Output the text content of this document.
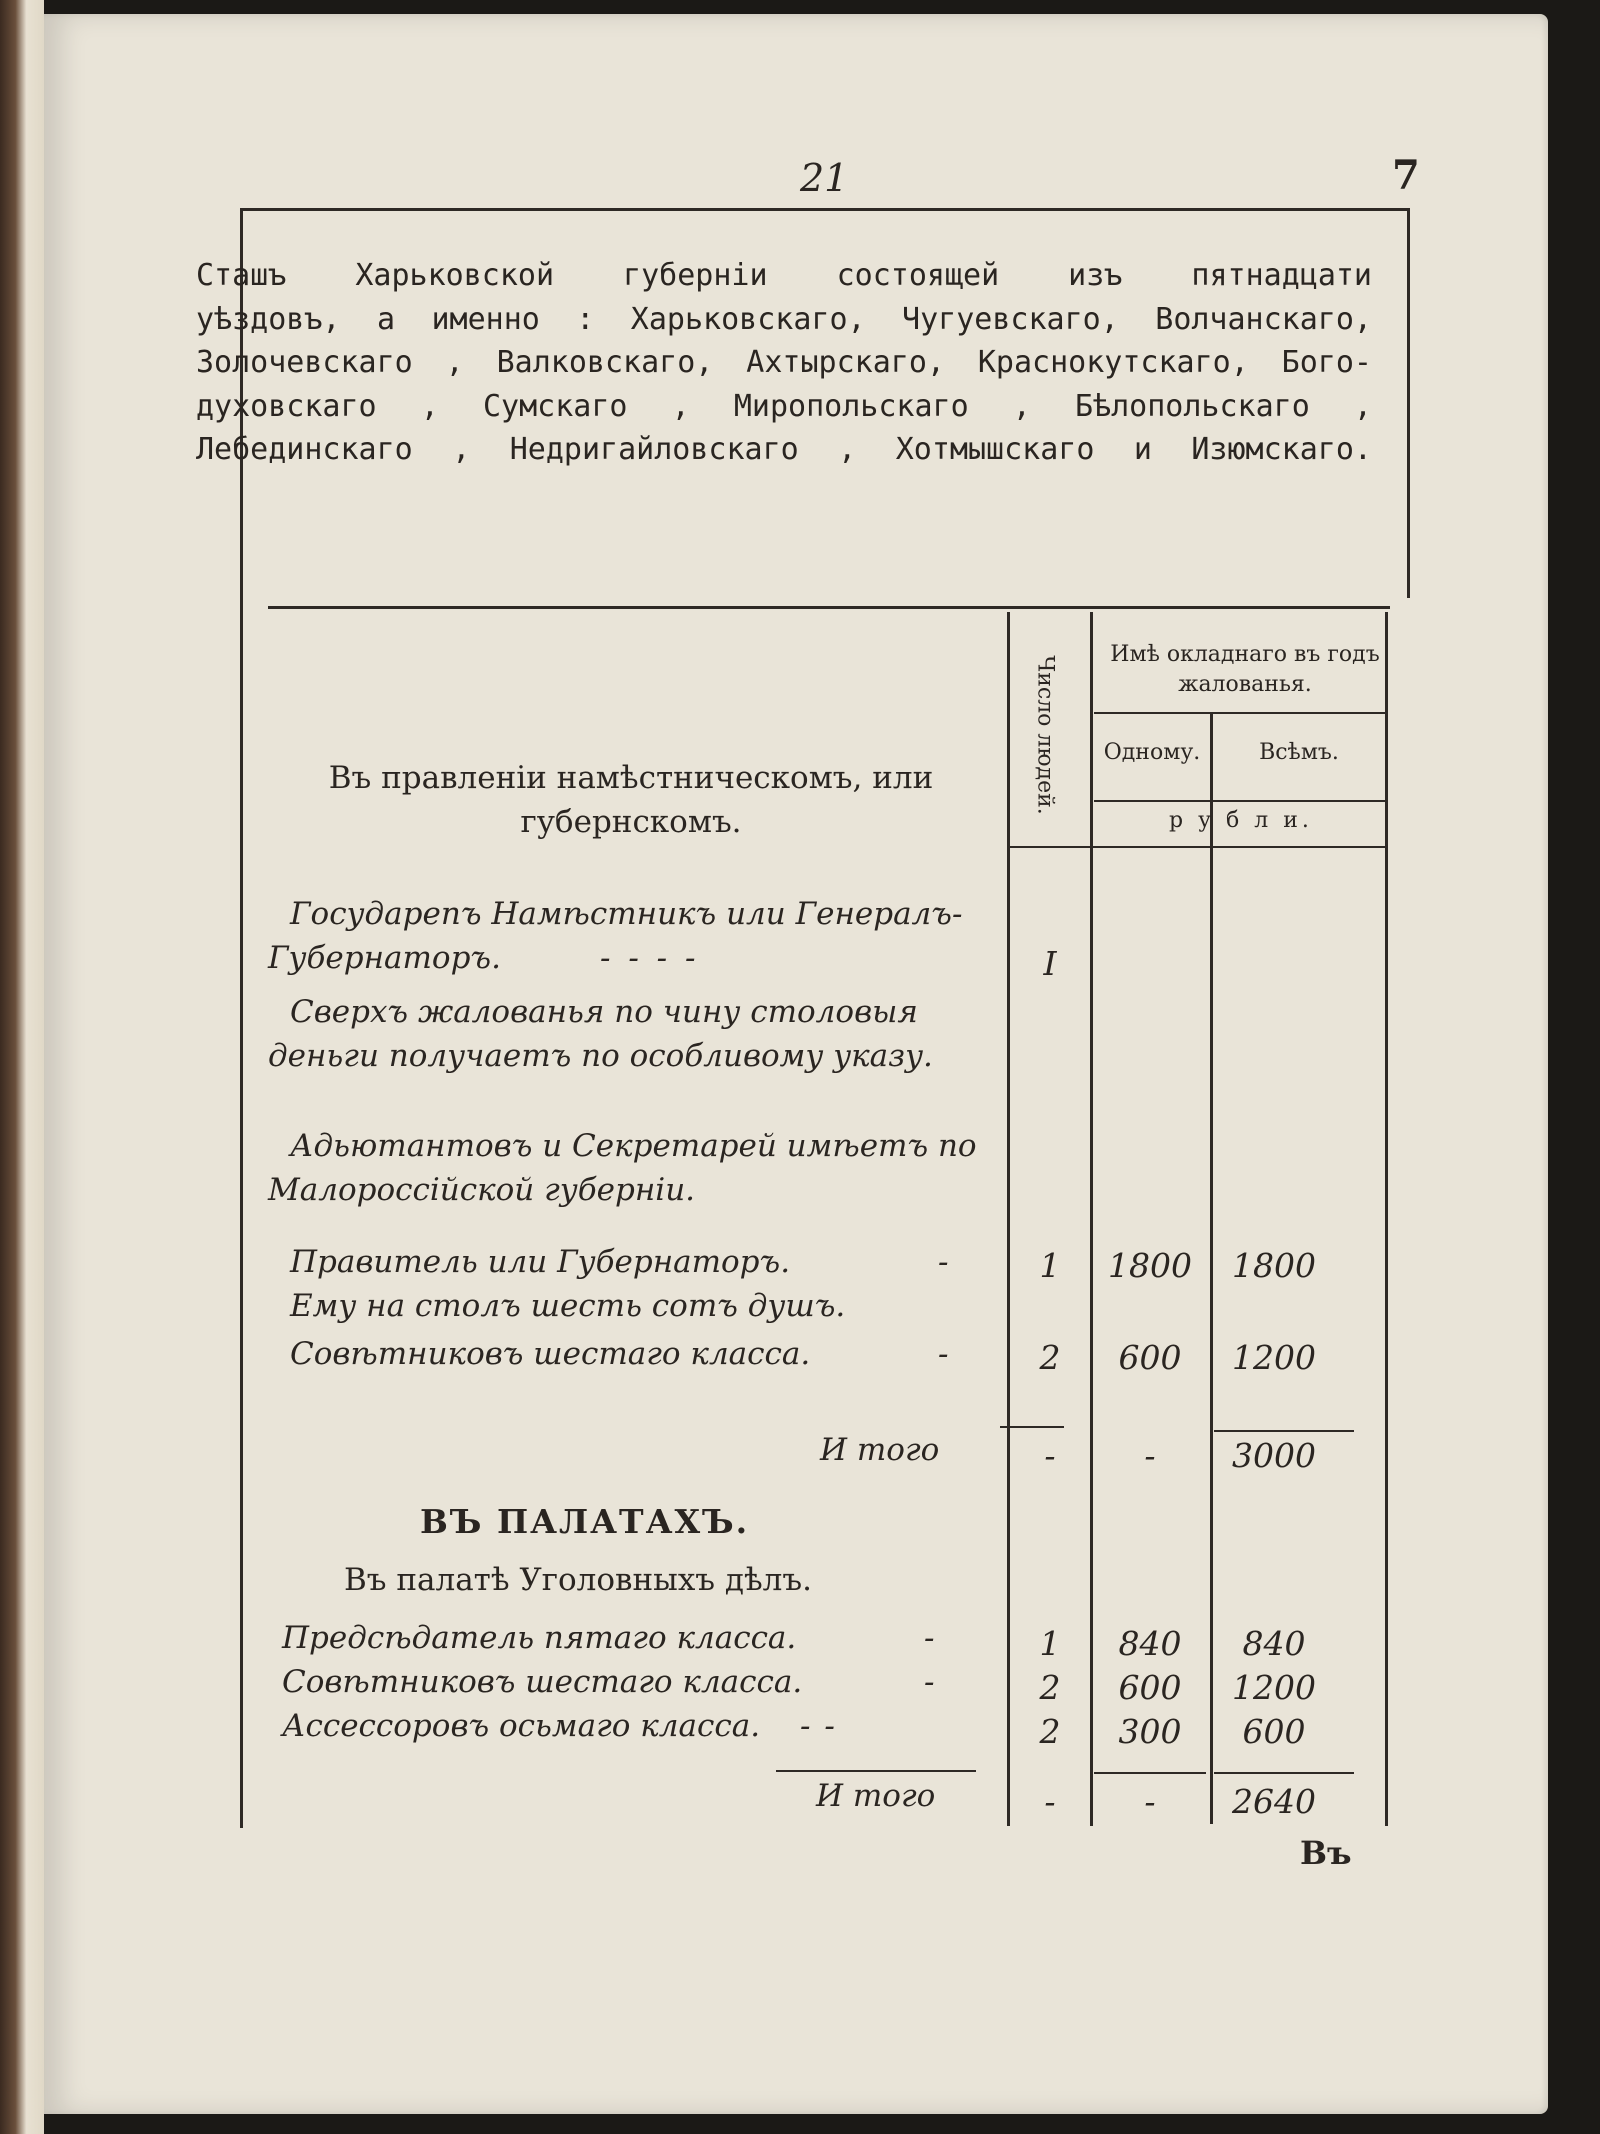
21	7
Сташъ Харьковской губерніи состоящей изъ пятнадцати
уѣздовъ, а именно : Харьковскаго, Чугуевскаго, Волчанскаго,
Золочевскаго , Валковскаго, Ахтырскаго, Краснокутскаго, Бого-
духовскаго , Сумскаго , Миропольскаго , Бѣлопольскаго ,
Лебединскаго , Недригайловскаго , Хотмышскаго и Изюмскаго.
Число людей.
Имѣ окладнаго въ годъ жалованья.
Одному.	Всѣмъ.
р у б л и.
Въ правленіи намѣстническомъ, или губернскомъ.
Государепъ Намѣстникъ или Генералъ-
Губернаторъ.	- - - -	I
Сверхъ жалованья по чину столовыя
деньги получаетъ по особливому указу.
Адьютантовъ и Секретарей имѣетъ по
Малороссійской губерніи.
Правитель или Губернаторъ.	-	1	1800	1800
Ему на столъ шесть сотъ душъ.
Совѣтниковъ шестаго класса.	-	2	600	1200
И того	-	-	3000
ВЪ ПАЛАТАХЪ.
Въ палатѣ Уголовныхъ дѣлъ.
Предсѣдатель пятаго класса.	-	1	840	840
Совѣтниковъ шестаго класса.	-	2	600	1200
Ассессоровъ осьмаго класса. - -	2	300	600
И того	-	-	2640
Въ
